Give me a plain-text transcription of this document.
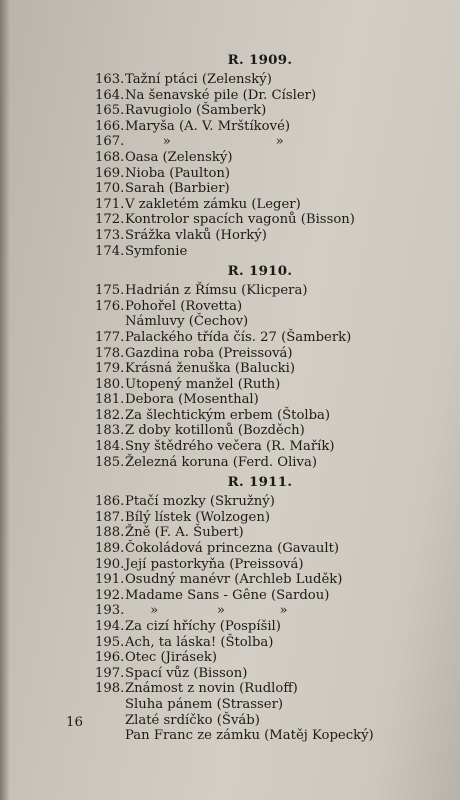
R. 1909.
163. Tažní ptáci (Zelenský)
164. Na šenavské pile (Dr. Císler)
165. Ravugiolo (Šamberk)
166. Maryša (A. V. Mrštíkové)
167. »                         »
168. Oasa (Zelenský)
169. Nioba (Paulton)
170. Sarah (Barbier)
171. V zakletém zámku (Leger)
172. Kontrolor spacích vagonů (Bisson)
173. Srážka vlaků (Horký)
174. Symfonie
R. 1910.
175. Hadrián z Římsu (Klicpera)
176. Pohořel (Rovetta)
Námluvy (Čechov)
177. Palackého třída čís. 27 (Šamberk)
178. Gazdina roba (Preissová)
179. Krásná ženuška (Balucki)
180. Utopený manžel (Ruth)
181. Debora (Mosenthal)
182. Za šlechtickým erbem (Štolba)
183. Z doby kotillonů (Bozděch)
184. Sny štědrého večera (R. Mařík)
185. Železná koruna (Ferd. Oliva)
R. 1911.
186. Ptačí mozky (Skružný)
187. Bílý lístek (Wolzogen)
188. Žně (F. A. Šubert)
189. Čokoládová princezna (Gavault)
190. Její pastorkyňa (Preissová)
191. Osudný manévr (Archleb Luděk)
192. Madame Sans - Gêne (Sardou)
193. »              »             »
194. Za cizí hříchy (Pospíšil)
195. Ach, ta láska! (Štolba)
196. Otec (Jirásek)
197. Spací vůz (Bisson)
198. Známost z novin (Rudloff)
Sluha pánem (Strasser)
Zlaté srdíčko (Šváb)
Pan Franc ze zámku (Matěj Kopecký)
16
